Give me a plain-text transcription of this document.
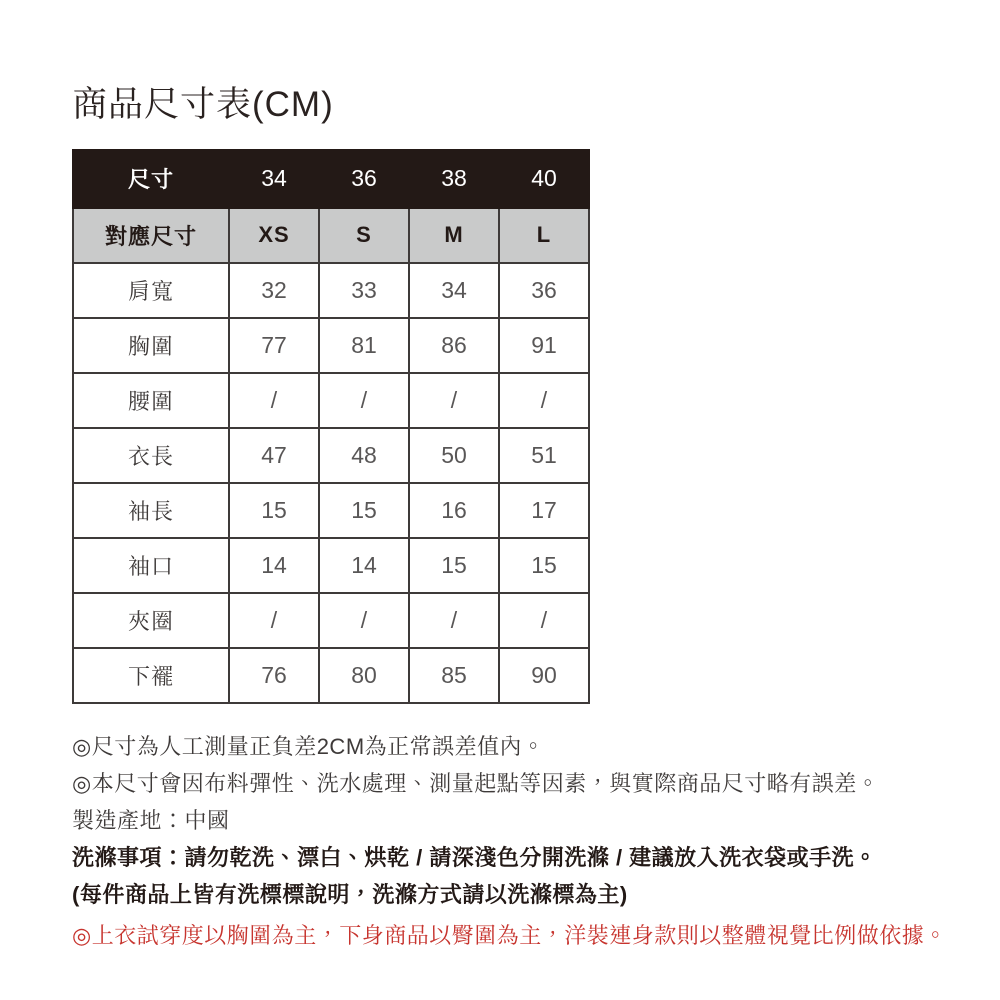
商品尺寸表(CM)
尺寸	34	36	38	40
對應尺寸	XS	S	M	L
肩寬	32	33	34	36
胸圍	77	81	86	91
腰圍	/	/	/	/
衣長	47	48	50	51
袖長	15	15	16	17
袖口	14	14	15	15
夾圈	/	/	/	/
下襬	76	80	85	90

◎尺寸為人工測量正負差2CM為正常誤差值內。

◎本尺寸會因布料彈性、洗水處理、測量起點等因素，與實際商品尺寸略有誤差。

製造產地：中國

洗滌事項：請勿乾洗、漂白、烘乾 / 請深淺色分開洗滌 / 建議放入洗衣袋或手洗。

(每件商品上皆有洗標標說明，洗滌方式請以洗滌標為主)

◎上衣試穿度以胸圍為主，下身商品以臀圍為主，洋裝連身款則以整體視覺比例做依據。
